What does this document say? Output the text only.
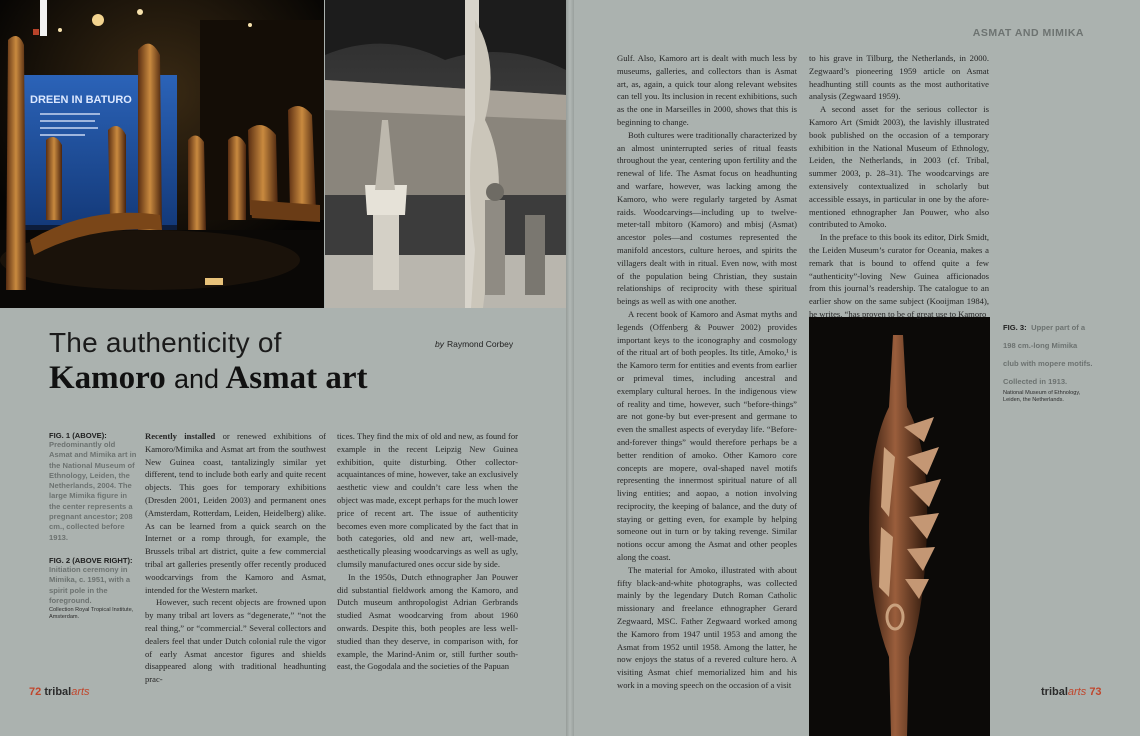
DREEN IN BATURO
ASMAT AND MIMIKA
The authenticity of
Kamoro and Asmat art
by Raymond Corbey
FIG. 1 (ABOVE):
Predominantly old Asmat and Mimika art in the National Museum of Ethnology, Leiden, the Netherlands, 2004. The large Mimika figure in the center represents a pregnant ancestor; 208 cm., collected before 1913.
FIG. 2 (ABOVE RIGHT):
Initiation ceremony in Mimika, c. 1951, with a spirit pole in the foreground.
Collection Royal Tropical Institute, Amsterdam.
FIG. 3: Upper part of a 198 cm.-long Mimika club with mopere motifs. Collected in 1913.
National Museum of Ethnology, Leiden, the Netherlands.

Recently installed or renewed exhibitions of Kamoro/Mimika and Asmat art from the southwest New Guinea coast, tantalizingly similar yet different, tend to include both early and quite recent objects. This goes for temporary exhibitions (Dresden 2001, Leiden 2003) and permanent ones (Amsterdam, Rotterdam, Leiden, Heidelberg) alike. As can be learned from a quick search on the Internet or a romp through, for example, the Brussels tribal art district, quite a few commercial tribal art galleries presently offer recently produced woodcarvings from the Kamoro and Asmat, intended for the Western market.

However, such recent objects are frowned upon by many tribal art lovers as “degenerate,” “not the real thing,” or “commercial.” Several collectors and dealers feel that under Dutch colonial rule the vigor of early Asmat ancestor figures and shields disappeared along with traditional headhunting prac-

tices. They find the mix of old and new, as found for example in the recent Leipzig New Guinea exhibition, quite disturbing. Other collector-acquaintances of mine, however, take an exclusively aesthetic view and couldn’t care less when the object was made, except perhaps for the much lower price of recent art. The issue of authenticity becomes even more complicated by the fact that in both categories, old and new art, well-made, aesthetically pleasing woodcarvings as well as ugly, clumsily manufactured ones occur side by side.

In the 1950s, Dutch ethnographer Jan Pouwer did substantial fieldwork among the Kamoro, and Dutch museum anthropologist Adrian Gerbrands studied Asmat woodcarving from about 1960 onwards. Despite this, both peoples are less well-studied than they deserve, in comparison with, for example, the Marind-Anim or, still further south-east, the Gogodala and the societies of the Papuan

Gulf. Also, Kamoro art is dealt with much less by museums, galleries, and collectors than is Asmat art, as, again, a quick tour along relevant websites can tell you. Its inclusion in recent exhibitions, such as the one in Marseilles in 2000, shows that this is beginning to change.

Both cultures were traditionally characterized by an almost uninterrupted series of ritual feasts throughout the year, centering upon fertility and the renewal of life. The Asmat focus on headhunting and warfare, however, was lacking among the Kamoro, who were regularly targeted by Asmat raids. Woodcarvings—including up to twelve-meter-tall mbitoro (Kamoro) and mbisj (Asmat) ancestor poles—and costumes represented the manifold ancestors, culture heroes, and spirits the villagers dealt with in ritual. Even now, with most of the population being Christian, they sustain relationships of reciprocity with these spiritual beings as well as with one another.

A recent book of Kamoro and Asmat myths and legends (Offenberg & Pouwer 2002) provides important keys to the iconography and cosmology of the ritual art of both peoples. Its title, Amoko,¹ is the Kamoro term for entities and events from earlier or primeval times, including ancestral and exemplary cultural heroes. In the indigenous view of reality and time, however, such “before-things” are not gone-by but ever-present and germane to even the smallest aspects of everyday life. “Before-and-forever things” would therefore perhaps be a better rendition of amoko. Other Kamoro core concepts are mopere, oval-shaped navel motifs representing the innermost spiritual nature of all living entities; and aopao, a notion involving reciprocity, the keeping of balance, and the duty of staying or getting even, for example by helping someone out in turn or by taking revenge. Similar notions occur among the Asmat and other peoples along the coast.

The material for Amoko, illustrated with about fifty black-and-white photographs, was collected mainly by the legendary Dutch Roman Catholic missionary and freelance ethnographer Gerard Zegwaard, MSC. Father Zegwaard worked among the Kamoro from 1947 until 1953 and among the Asmat from 1952 until 1958. Among the latter, he now enjoys the status of a revered culture hero. A visiting Asmat chief memorialized him and his work in a moving speech on the occasion of a visit

to his grave in Tilburg, the Netherlands, in 2000. Zegwaard’s pioneering 1959 article on Asmat headhunting still counts as the most authoritative analysis (Zegwaard 1959).

A second asset for the serious collector is Kamoro Art (Smidt 2003), the lavishly illustrated book published on the occasion of a temporary exhibition in the National Museum of Ethnology, Leiden, the Netherlands, in 2003 (cf. Tribal, summer 2003, p. 28–31). The woodcarvings are extensively contextualized in scholarly but accessible essays, in particular in one by the afore-mentioned ethnographer Jan Pouwer, who also contributed to Amoko.

In the preface to this book its editor, Dirk Smidt, the Leiden Museum’s curator for Oceania, makes a remark that is bound to offend quite a few “authenticity”-loving New Guinea afficionados from this journal’s readership. The catalogue to an earlier show on the same subject (Kooijman 1984), he writes, “has proven to be of great use to Kamoro

72 tribalarts	tribalarts 73
